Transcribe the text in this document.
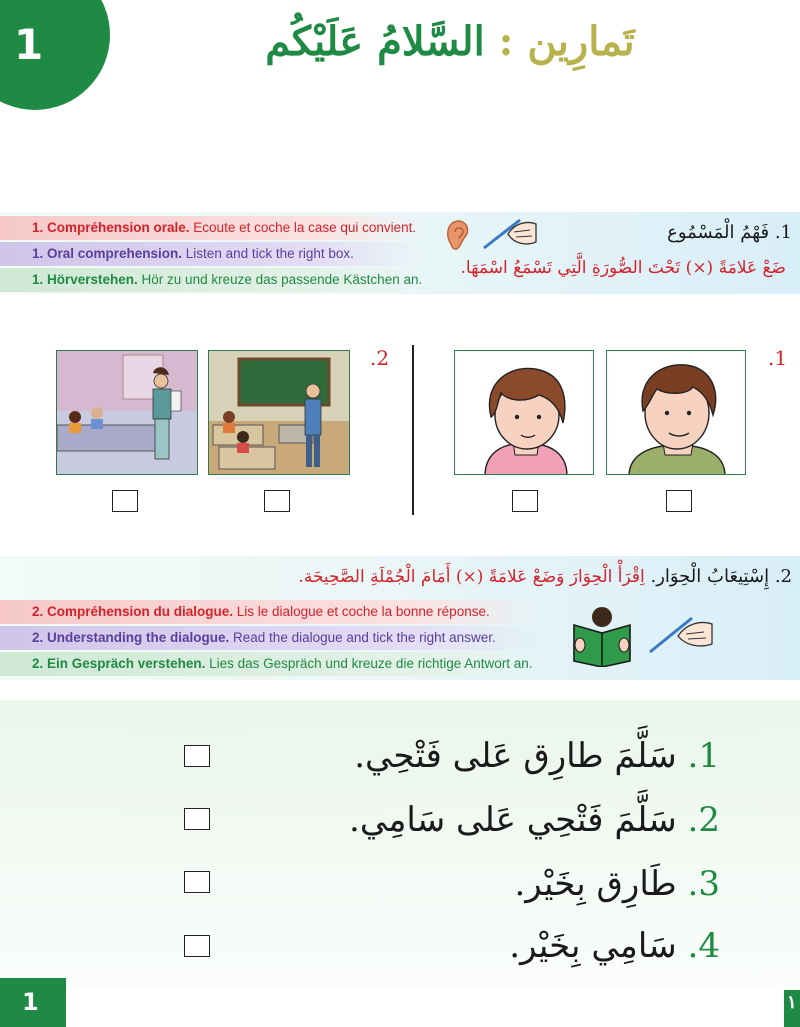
1	تَمارِين : السَّلامُ عَلَيْكُم
1. Compréhension orale. Ecoute et coche la case qui convient.
1. Oral comprehension. Listen and tick the right box.
1. Hörverstehen. Hör zu und kreuze das passende Kästchen an.
1. فَهْمُ الْمَسْمُوع
ضَعْ عَلامَةً (×) تَحْتَ الصُّورَةِ الَّتِي تَسْمَعُ اسْمَهَا.
.1
.2
2. إِسْتِيعَابُ الْحِوَار. اِقْرَأْ الْحِوَارَ وَضَعْ عَلامَةً (×) أَمَامَ الْجُمْلَةِ الصَّحِيحَة.
2. Compréhension du dialogue. Lis le dialogue et coche la bonne réponse.
2. Understanding the dialogue. Read the dialogue and tick the right answer.
2. Ein Gespräch verstehen. Lies das Gespräch und kreuze die richtige Antwort an.
1. سَلَّمَ طارِق عَلى فَتْحِي.
2. سَلَّمَ فَتْحِي عَلى سَامِي.
3. طَارِق بِخَيْر.
4. سَامِي بِخَيْر.
1	١
